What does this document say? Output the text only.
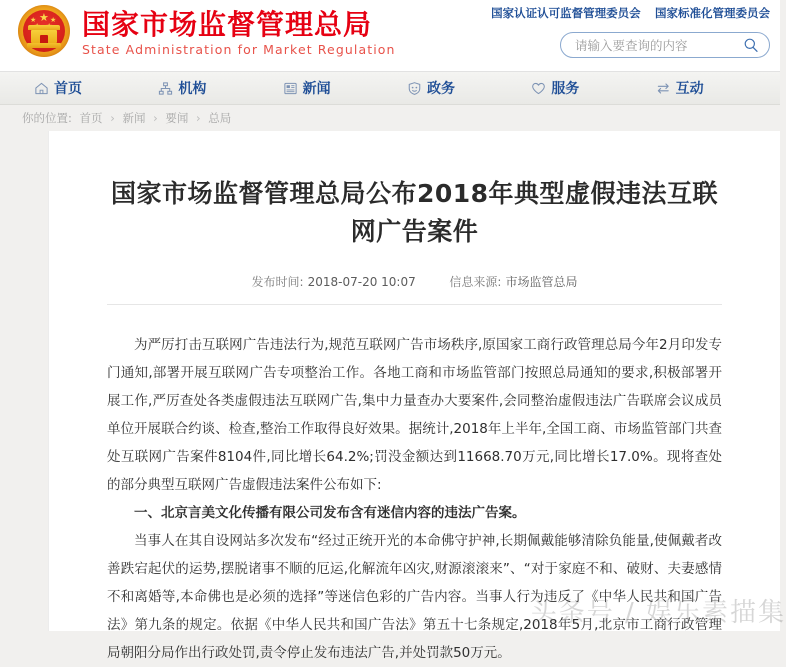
★
★ ★ 国家市场监督管理总局
State Administration for Market Regulation
国家认证认可监督管理委员会 国家标准化管理委员会
请输入要查询的内容
首页	机构	新闻	政务	服务	互动
你的位置: 首页 › 新闻 › 要闻 › 总局
国家市场监督管理总局公布2018年典型虚假违法互联网广告案件
发布时间: 2018-07-20 10:07	信息来源: 市场监管总局

为严厉打击互联网广告违法行为,规范互联网广告市场秩序,原国家工商行政管理总局今年2月印发专门通知,部署开展互联网广告专项整治工作。各地工商和市场监管部门按照总局通知的要求,积极部署开展工作,严厉查处各类虚假违法互联网广告,集中力量查办大要案件,会同整治虚假违法广告联席会议成员单位开展联合约谈、检查,整治工作取得良好效果。据统计,2018年上半年,全国工商、市场监管部门共查处互联网广告案件8104件,同比增长64.2%;罚没金额达到11668.70万元,同比增长17.0%。现将查处的部分典型互联网广告虚假违法案件公布如下:

一、北京言美文化传播有限公司发布含有迷信内容的违法广告案。

当事人在其自设网站多次发布“经过正统开光的本命佛守护神,长期佩戴能够清除负能量,使佩戴者改善跌宕起伏的运势,摆脱诸事不顺的厄运,化解流年凶灾,财源滚滚来”、“对于家庭不和、破财、夫妻感情不和离婚等,本命佛也是必须的选择”等迷信色彩的广告内容。当事人行为违反了《中华人民共和国广告法》第九条的规定。依据《中华人民共和国广告法》第五十七条规定,2018年5月,北京市工商行政管理局朝阳分局作出行政处罚,责令停止发布违法广告,并处罚款50万元。

头条号 / 娱乐素描集
